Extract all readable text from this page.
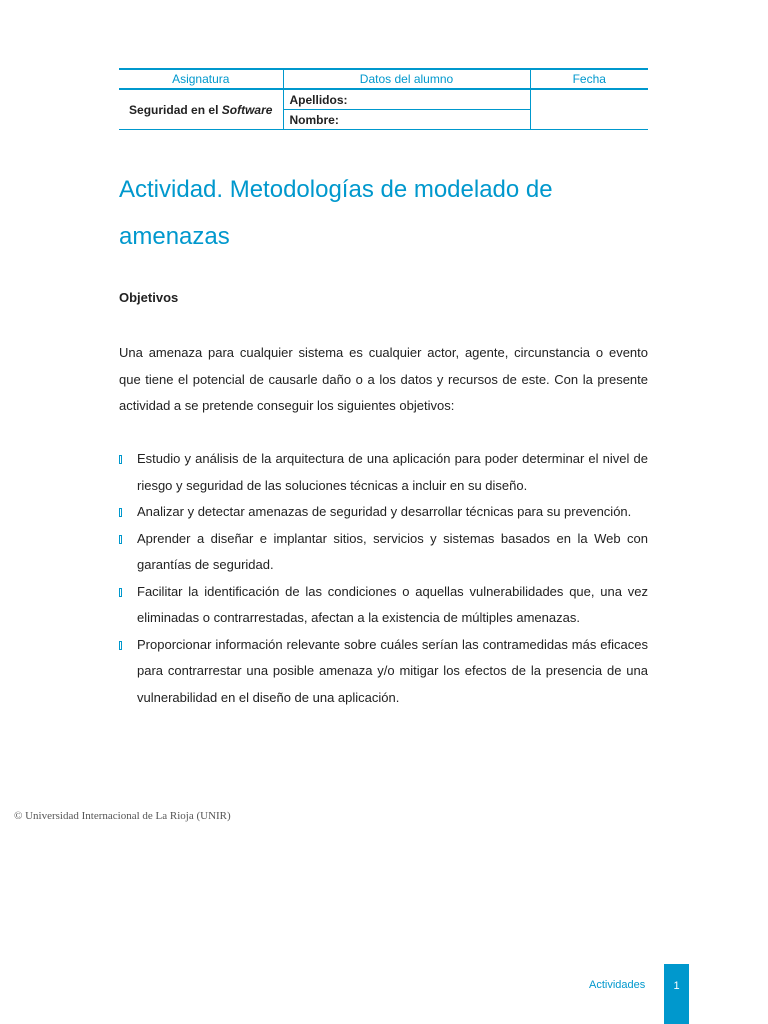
Asignatura	Datos del alumno	Fecha
Seguridad en el Software	Apellidos:	
	Nombre:	
Actividad. Metodologías de modelado de amenazas
Objetivos

Una amenaza para cualquier sistema es cualquier actor, agente, circunstancia o evento que tiene el potencial de causarle daño o a los datos y recursos de este. Con la presente actividad a se pretende conseguir los siguientes objetivos:

Estudio y análisis de la arquitectura de una aplicación para poder determinar el nivel de riesgo y seguridad de las soluciones técnicas a incluir en su diseño.
Analizar y detectar amenazas de seguridad y desarrollar técnicas para su prevención.
Aprender a diseñar e implantar sitios, servicios y sistemas basados en la Web con garantías de seguridad.
Facilitar la identificación de las condiciones o aquellas vulnerabilidades que, una vez eliminadas o contrarrestadas, afectan a la existencia de múltiples amenazas.
Proporcionar información relevante sobre cuáles serían las contramedidas más eficaces para contrarrestar una posible amenaza y/o mitigar los efectos de la presencia de una vulnerabilidad en el diseño de una aplicación.
© Universidad Internacional de La Rioja (UNIR)
Actividades	1
